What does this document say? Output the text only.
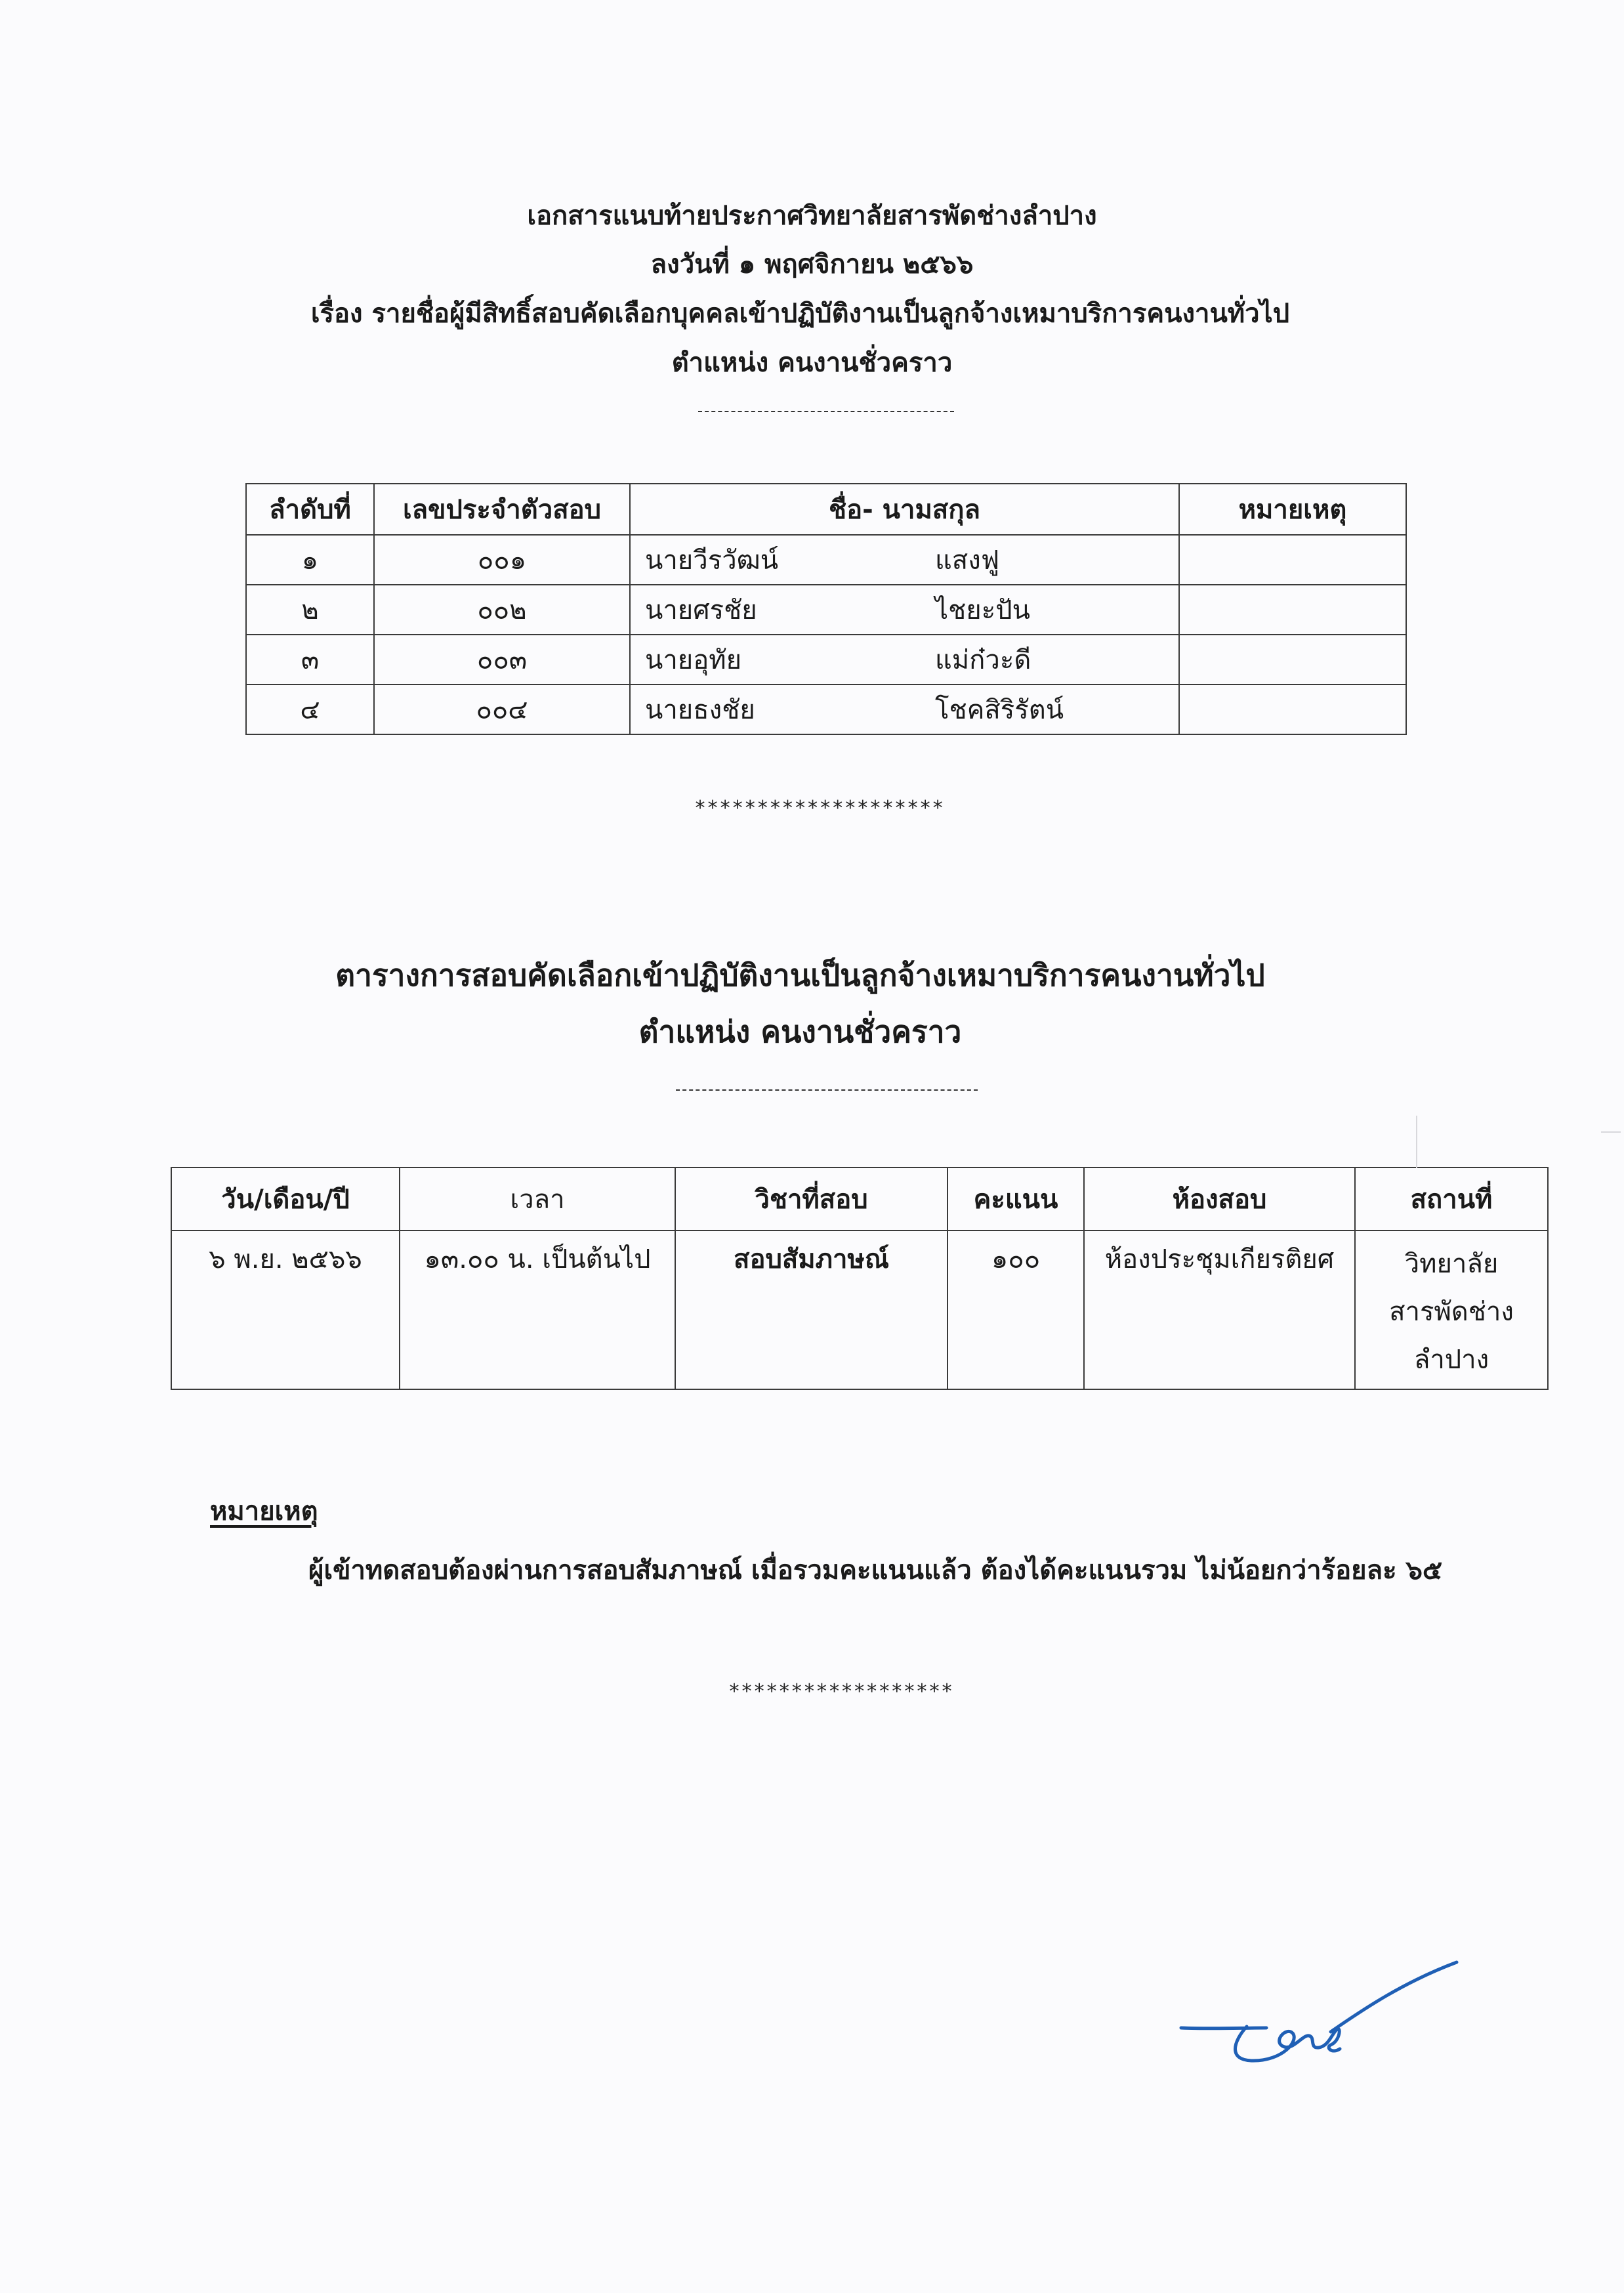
เอกสารแนบท้ายประกาศวิทยาลัยสารพัดช่างลำปาง
ลงวันที่ ๑ พฤศจิกายน ๒๕๖๖
เรื่อง รายชื่อผู้มีสิทธิ์สอบคัดเลือกบุคคลเข้าปฏิบัติงานเป็นลูกจ้างเหมาบริการคนงานทั่วไป
ตำแหน่ง คนงานชั่วคราว
ลำดับที่	เลขประจำตัวสอบ	ชื่อ- นามสกุล	หมายเหตุ
๑	๐๐๑	นายวีรวัฒน์ แสงฟู	
๒	๐๐๒	นายศรชัย ไชยะปัน	
๓	๐๐๓	นายอุทัย แม่ก๋วะดี	
๔	๐๐๔	นายธงชัย โชคสิริรัตน์	
********************
ตารางการสอบคัดเลือกเข้าปฏิบัติงานเป็นลูกจ้างเหมาบริการคนงานทั่วไป
ตำแหน่ง คนงานชั่วคราว
วัน/เดือน/ปี	เวลา	วิชาที่สอบ	คะแนน	ห้องสอบ	สถานที่
๖ พ.ย. ๒๕๖๖	๑๓.๐๐ น. เป็นต้นไป	สอบสัมภาษณ์	๑๐๐	ห้องประชุมเกียรติยศ	วิทยาลัย
สารพัดช่าง
ลำปาง
หมายเหตุ
ผู้เข้าทดสอบต้องผ่านการสอบสัมภาษณ์ เมื่อรวมคะแนนแล้ว ต้องได้คะแนนรวม ไม่น้อยกว่าร้อยละ ๖๕
******************
